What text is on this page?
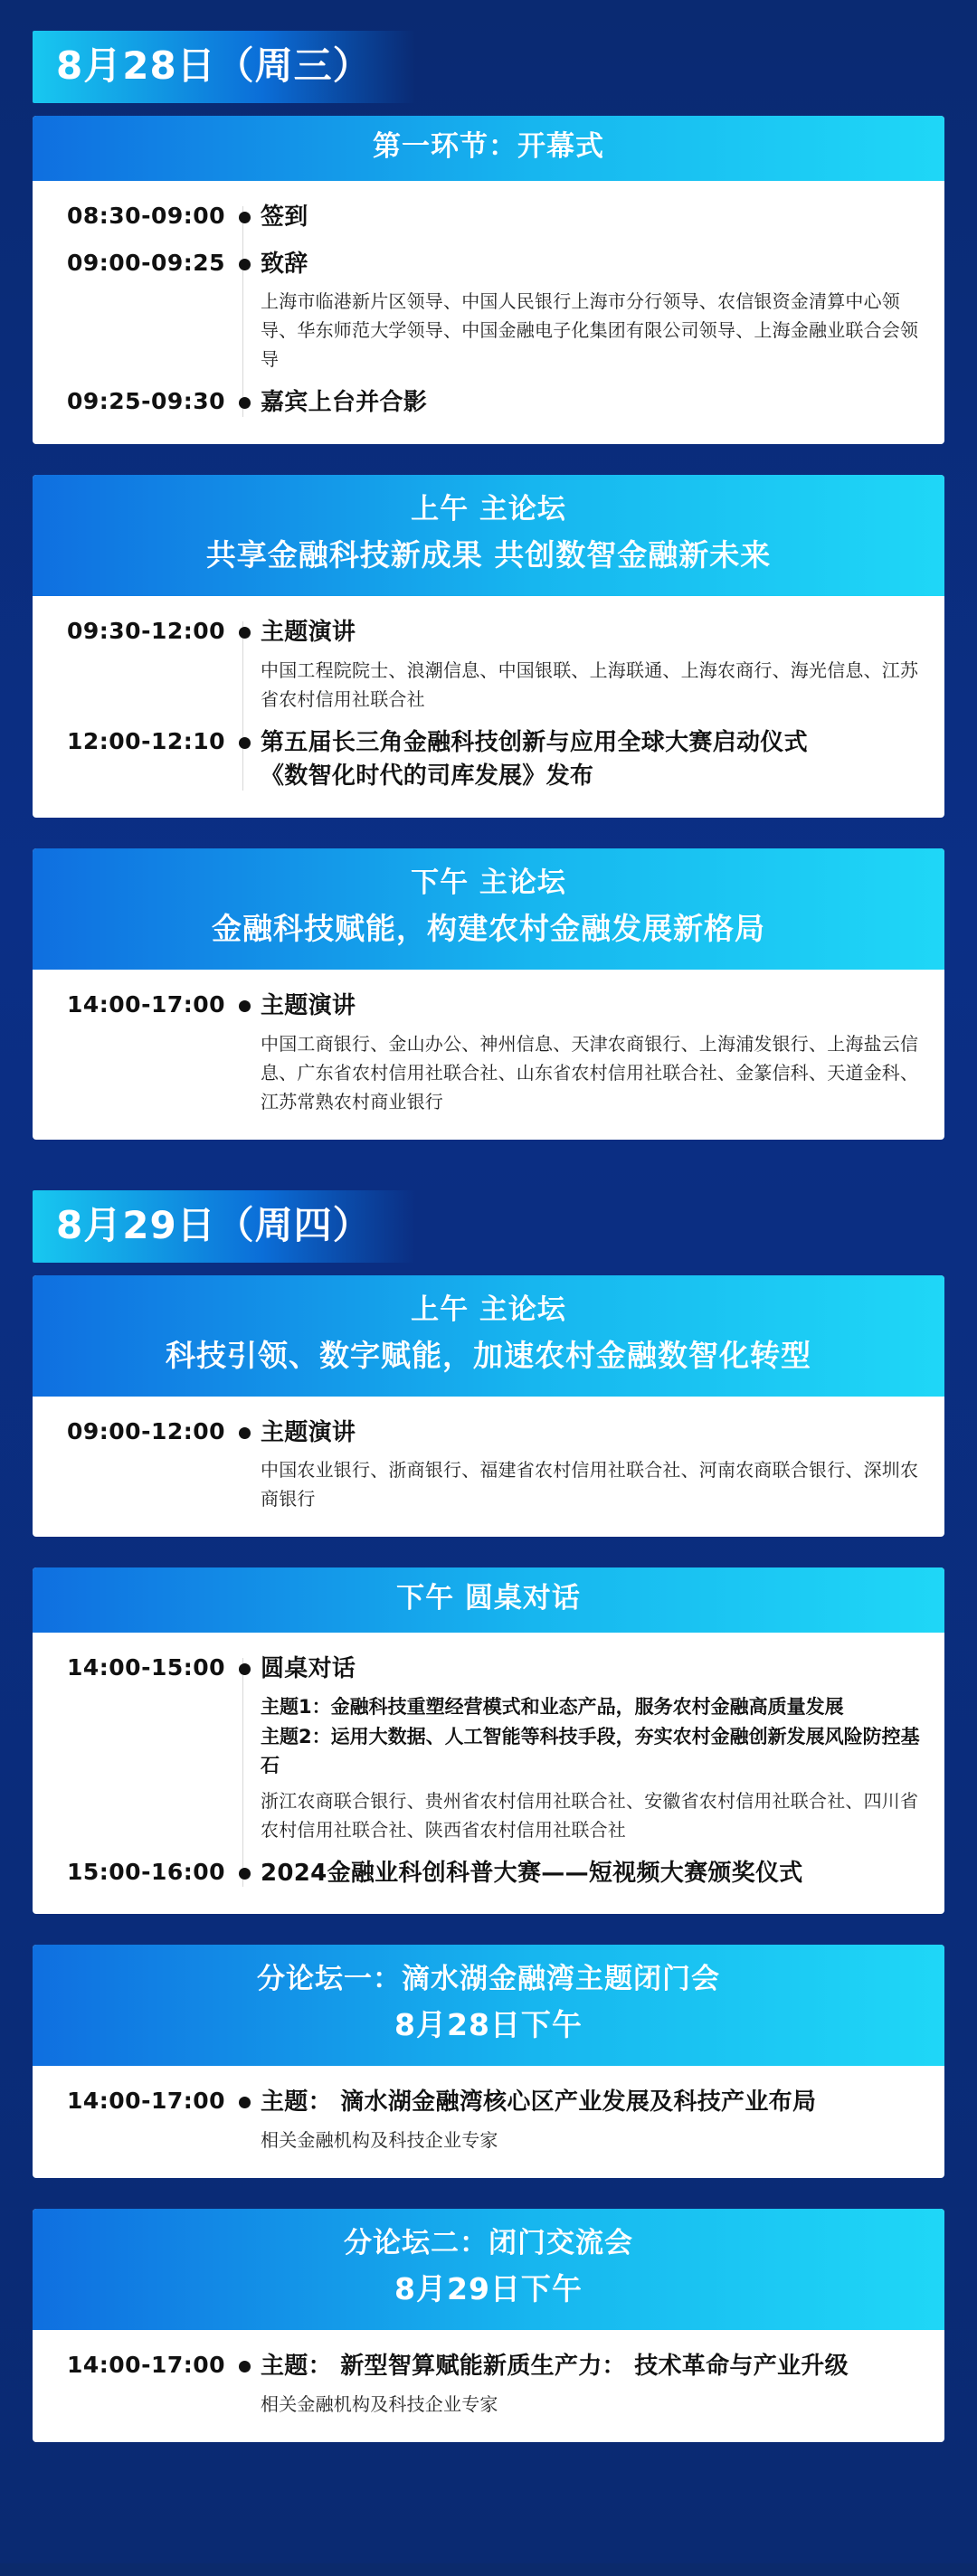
8月28日（周三）
第一环节：开幕式
08:30-09:00 签到
09:00-09:25 致辞
上海市临港新片区领导、中国人民银行上海市分行领导、农信银资金清算中心领导、华东师范大学领导、中国金融电子化集团有限公司领导、上海金融业联合会领导
09:25-09:30 嘉宾上台并合影
上午 主论坛
共享金融科技新成果 共创数智金融新未来
09:30-12:00 主题演讲
中国工程院院士、浪潮信息、中国银联、上海联通、上海农商行、海光信息、江苏省农村信用社联合社
12:00-12:10 第五届长三角金融科技创新与应用全球大赛启动仪式
《数智化时代的司库发展》发布
下午 主论坛
金融科技赋能，构建农村金融发展新格局
14:00-17:00 主题演讲
中国工商银行、金山办公、神州信息、天津农商银行、上海浦发银行、上海盐云信息、广东省农村信用社联合社、山东省农村信用社联合社、金篆信科、天道金科、江苏常熟农村商业银行
8月29日（周四）
上午 主论坛
科技引领、数字赋能，加速农村金融数智化转型
09:00-12:00 主题演讲
中国农业银行、浙商银行、福建省农村信用社联合社、河南农商联合银行、深圳农商银行
下午 圆桌对话
14:00-15:00 圆桌对话
主题1：金融科技重塑经营模式和业态产品，服务农村金融高质量发展
主题2：运用大数据、人工智能等科技手段，夯实农村金融创新发展风险防控基石
浙江农商联合银行、贵州省农村信用社联合社、安徽省农村信用社联合社、四川省农村信用社联合社、陕西省农村信用社联合社
15:00-16:00 2024金融业科创科普大赛——短视频大赛颁奖仪式
分论坛一：滴水湖金融湾主题闭门会
8月28日下午
14:00-17:00 主题： 滴水湖金融湾核心区产业发展及科技产业布局
相关金融机构及科技企业专家
分论坛二：闭门交流会
8月29日下午
14:00-17:00 主题： 新型智算赋能新质生产力： 技术革命与产业升级
相关金融机构及科技企业专家
